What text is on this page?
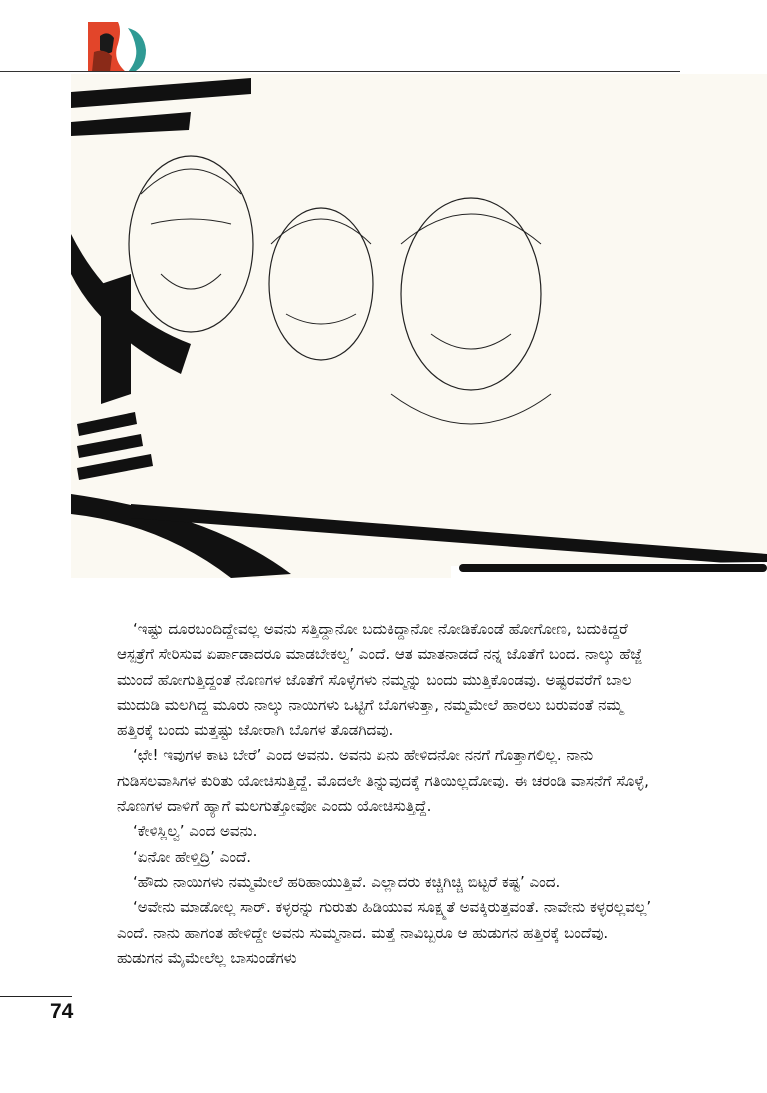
‘ಇಷ್ಟು ದೂರಬಂದಿದ್ದೇವಲ್ಲ ಅವನು ಸತ್ತಿದ್ದಾನೋ ಬದುಕಿದ್ದಾನೋ ನೋಡಿಕೊಂಡೆ ಹೋಗೋಣ, ಬದುಕಿದ್ದರೆ ಆಸ್ಪತ್ರೆಗೆ ಸೇರಿಸುವ ಏರ್ಪಾಡಾದರೂ ಮಾಡಬೇಕಲ್ವ’ ಎಂದೆ. ಆತ ಮಾತನಾಡದೆ ನನ್ನ ಜೊತೆಗೆ ಬಂದ. ನಾಲ್ಕು ಹೆಜ್ಜೆ ಮುಂದೆ ಹೋಗುತ್ತಿದ್ದಂತೆ ನೊಣಗಳ ಜೊತೆಗೆ ಸೊಳ್ಳೆಗಳು ನಮ್ಮನ್ನು ಬಂದು ಮುತ್ತಿಕೊಂಡವು. ಅಷ್ಟರವರೆಗೆ ಬಾಲ ಮುದುಡಿ ಮಲಗಿದ್ದ ಮೂರು ನಾಲ್ಕು ನಾಯಿಗಳು ಒಟ್ಟಿಗೆ ಬೊಗಳುತ್ತಾ, ನಮ್ಮಮೇಲೆ ಹಾರಲು ಬರುವಂತೆ ನಮ್ಮ ಹತ್ತಿರಕ್ಕೆ ಬಂದು ಮತ್ತಷ್ಟು ಜೋರಾಗಿ ಬೊಗಳ ತೊಡಗಿದವು.

‘ಛೇ! ಇವುಗಳ ಕಾಟ ಬೇರೆ’ ಎಂದ ಅವನು. ಅವನು ಏನು ಹೇಳಿದನೋ ನನಗೆ ಗೊತ್ತಾಗಲಿಲ್ಲ. ನಾನು ಗುಡಿಸಲವಾಸಿಗಳ ಕುರಿತು ಯೋಚಿಸುತ್ತಿದ್ದೆ. ಮೊದಲೇ ತಿನ್ನುವುದಕ್ಕೆ ಗತಿಯಿಲ್ಲದೋವು. ಈ ಚರಂಡಿ ವಾಸನೆಗೆ ಸೊಳ್ಳೆ, ನೊಣಗಳ ದಾಳಿಗೆ ಹ್ಯಾಗೆ ಮಲಗುತ್ತೋವೋ ಎಂದು ಯೋಚಿಸುತ್ತಿದ್ದೆ.

‘ಕೇಳಿಸ್ಲಿಲ್ವ’ ಎಂದ ಅವನು.

‘ಏನೋ ಹೇಳ್ತಿದ್ರಿ’ ಎಂದೆ.

‘ಹೌದು ನಾಯಿಗಳು ನಮ್ಮಮೇಲೆ ಹರಿಹಾಯುತ್ತಿವೆ. ಎಲ್ಲಾದರು ಕಚ್ಚಿಗಿಚ್ಚಿ ಬಿಟ್ಟರೆ ಕಷ್ಟ’ ಎಂದ.

‘ಅವೇನು ಮಾಡೋಲ್ಲ ಸಾರ್. ಕಳ್ಳರನ್ನು ಗುರುತು ಹಿಡಿಯುವ ಸೂಕ್ಷ್ಮತೆ ಅವಕ್ಕಿರುತ್ತವಂತೆ. ನಾವೇನು ಕಳ್ಳರಲ್ಲವಲ್ಲ’ ಎಂದೆ. ನಾನು ಹಾಗಂತ ಹೇಳಿದ್ದೇ ಅವನು ಸುಮ್ಮನಾದ. ಮತ್ತೆ ನಾವಿಬ್ಬರೂ ಆ ಹುಡುಗನ ಹತ್ತಿರಕ್ಕೆ ಬಂದೆವು. ಹುಡುಗನ ಮೈಮೇಲೆಲ್ಲ ಬಾಸುಂಡೆಗಳು

74
